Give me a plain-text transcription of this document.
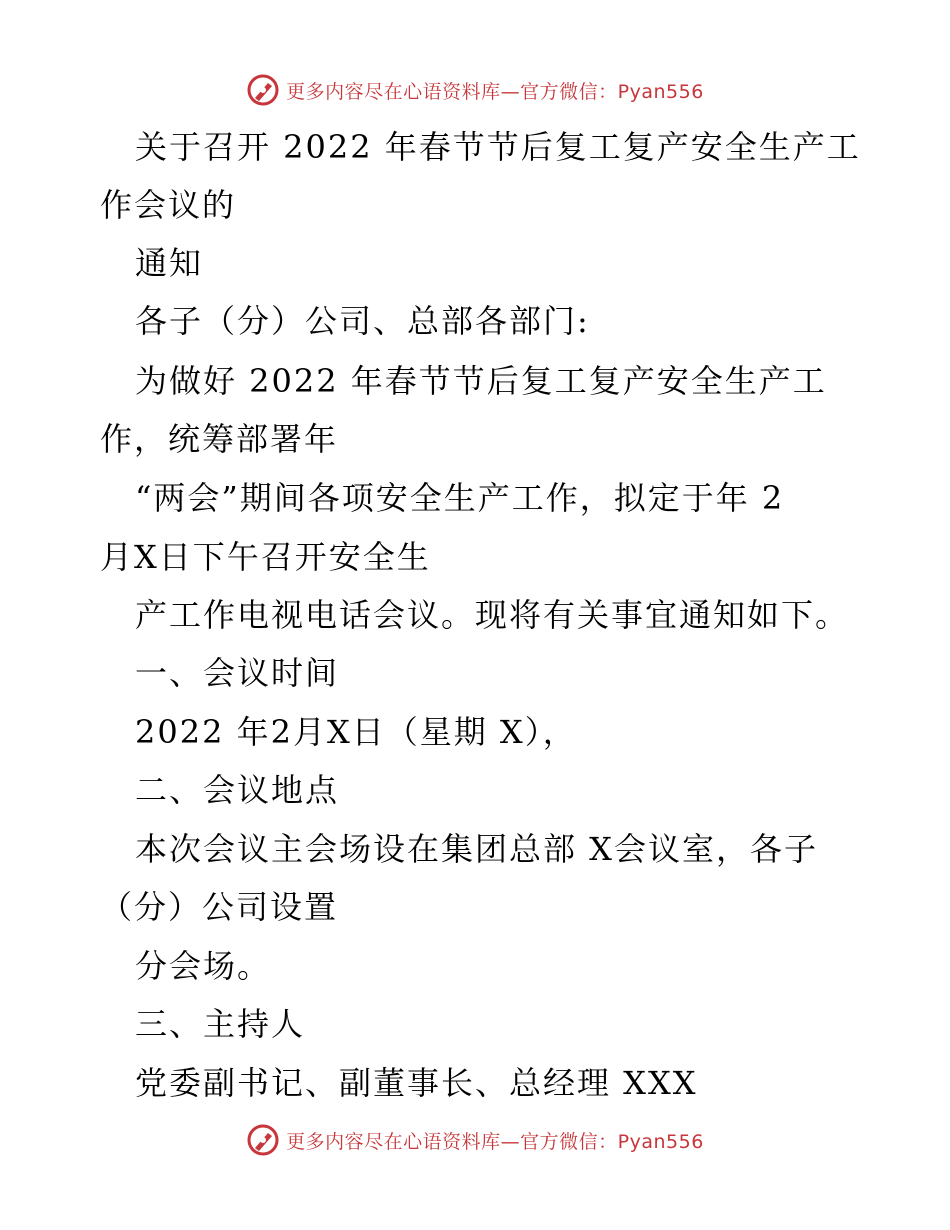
更多内容尽在心语资料库—官方微信：Pyan556
关于召开 2022 年春节节后复工复产安全生产工
作会议的
通知
各子（分）公司、总部各部门:
为做好 2022 年春节节后复工复产安全生产工
作，统筹部署年
“两会”期间各项安全生产工作，拟定于年 2
月X日下午召开安全生
产工作电视电话会议。现将有关事宜通知如下。
一、会议时间
2022 年2月X日（星期 X），
二、会议地点
本次会议主会场设在集团总部 X会议室，各子
（分）公司设置
分会场。
三、主持人
党委副书记、副董事长、总经理 XXX
更多内容尽在心语资料库—官方微信：Pyan556
